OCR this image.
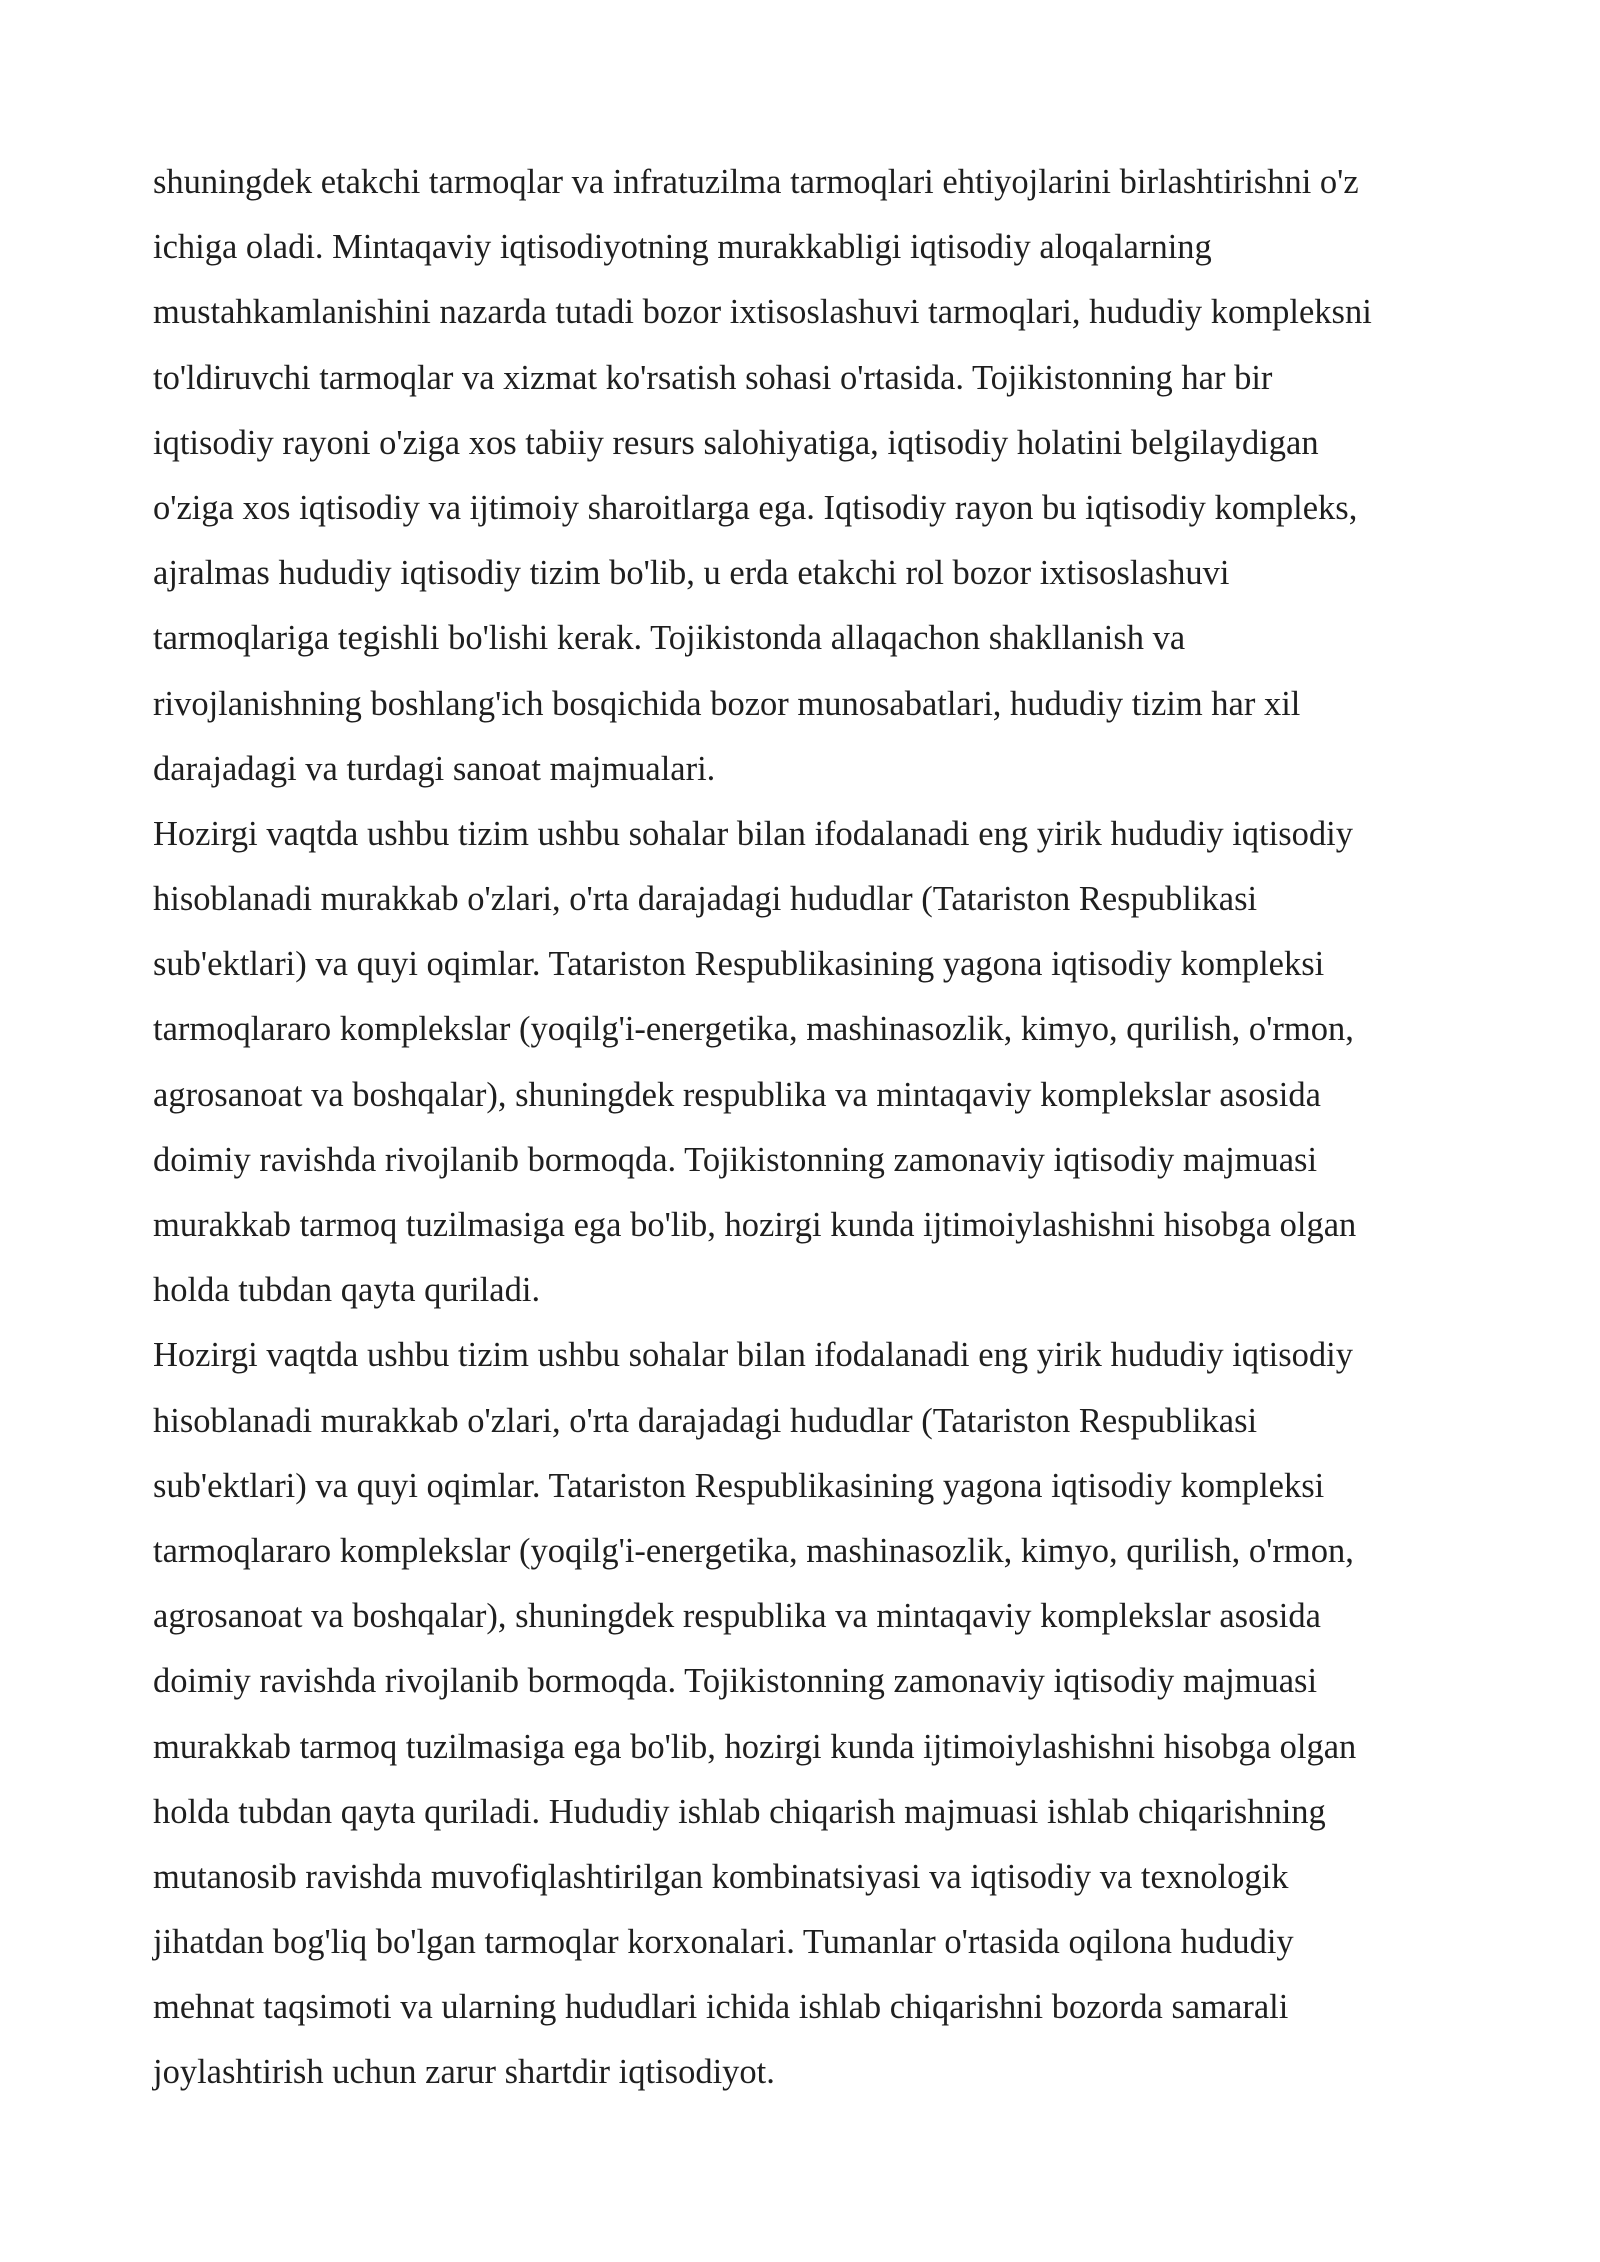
shuningdek etakchi tarmoqlar va infratuzilma tarmoqlari ehtiyojlarini birlashtirishni o'z
ichiga oladi. Mintaqaviy iqtisodiyotning murakkabligi iqtisodiy aloqalarning
mustahkamlanishini nazarda tutadi bozor ixtisoslashuvi tarmoqlari, hududiy kompleksni
to'ldiruvchi tarmoqlar va xizmat ko'rsatish sohasi o'rtasida. Tojikistonning har bir
iqtisodiy rayoni o'ziga xos tabiiy resurs salohiyatiga, iqtisodiy holatini belgilaydigan
o'ziga xos iqtisodiy va ijtimoiy sharoitlarga ega. Iqtisodiy rayon bu iqtisodiy kompleks,
ajralmas hududiy iqtisodiy tizim bo'lib, u erda etakchi rol bozor ixtisoslashuvi
tarmoqlariga tegishli bo'lishi kerak. Tojikistonda allaqachon shakllanish va
rivojlanishning boshlang'ich bosqichida bozor munosabatlari, hududiy tizim har xil
darajadagi va turdagi sanoat majmualari.
Hozirgi vaqtda ushbu tizim ushbu sohalar bilan ifodalanadi eng yirik hududiy iqtisodiy
hisoblanadi murakkab o'zlari, o'rta darajadagi hududlar (Tatariston Respublikasi
sub'ektlari) va quyi oqimlar. Tatariston Respublikasining yagona iqtisodiy kompleksi
tarmoqlararo komplekslar (yoqilg'i-energetika, mashinasozlik, kimyo, qurilish, o'rmon,
agrosanoat va boshqalar), shuningdek respublika va mintaqaviy komplekslar asosida
doimiy ravishda rivojlanib bormoqda. Tojikistonning zamonaviy iqtisodiy majmuasi
murakkab tarmoq tuzilmasiga ega bo'lib, hozirgi kunda ijtimoiylashishni hisobga olgan
holda tubdan qayta quriladi.
Hozirgi vaqtda ushbu tizim ushbu sohalar bilan ifodalanadi eng yirik hududiy iqtisodiy
hisoblanadi murakkab o'zlari, o'rta darajadagi hududlar (Tatariston Respublikasi
sub'ektlari) va quyi oqimlar. Tatariston Respublikasining yagona iqtisodiy kompleksi
tarmoqlararo komplekslar (yoqilg'i-energetika, mashinasozlik, kimyo, qurilish, o'rmon,
agrosanoat va boshqalar), shuningdek respublika va mintaqaviy komplekslar asosida
doimiy ravishda rivojlanib bormoqda. Tojikistonning zamonaviy iqtisodiy majmuasi
murakkab tarmoq tuzilmasiga ega bo'lib, hozirgi kunda ijtimoiylashishni hisobga olgan
holda tubdan qayta quriladi. Hududiy ishlab chiqarish majmuasi ishlab chiqarishning
mutanosib ravishda muvofiqlashtirilgan kombinatsiyasi va iqtisodiy va texnologik
jihatdan bog'liq bo'lgan tarmoqlar korxonalari. Tumanlar o'rtasida oqilona hududiy
mehnat taqsimoti va ularning hududlari ichida ishlab chiqarishni bozorda samarali
joylashtirish uchun zarur shartdir iqtisodiyot.
